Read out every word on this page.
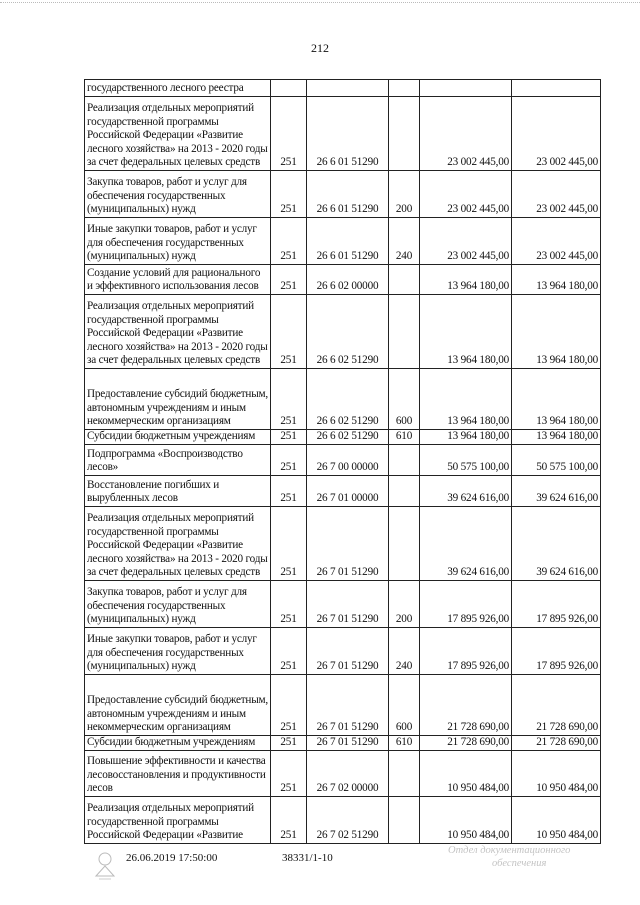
212
государственного лесного реестра					
Реализация отдельных мероприятий государственной программы Российской Федерации «Развитие лесного хозяйства» на 2013 - 2020 годы за счет федеральных целевых средств	251	26 6 01 51290		23 002 445,00	23 002 445,00
Закупка товаров, работ и услуг для обеспечения государственных (муниципальных) нужд	251	26 6 01 51290	200	23 002 445,00	23 002 445,00
Иные закупки товаров, работ и услуг для обеспечения государственных (муниципальных) нужд	251	26 6 01 51290	240	23 002 445,00	23 002 445,00
Создание условий для рационального и эффективного использования лесов	251	26 6 02 00000		13 964 180,00	13 964 180,00
Реализация отдельных мероприятий государственной программы Российской Федерации «Развитие лесного хозяйства» на 2013 - 2020 годы за счет федеральных целевых средств	251	26 6 02 51290		13 964 180,00	13 964 180,00
Предоставление субсидий бюджетным, автономным учреждениям и иным некоммерческим организациям	251	26 6 02 51290	600	13 964 180,00	13 964 180,00
Субсидии бюджетным учреждениям	251	26 6 02 51290	610	13 964 180,00	13 964 180,00
Подпрограмма «Воспроизводство лесов»	251	26 7 00 00000		50 575 100,00	50 575 100,00
Восстановление погибших и вырубленных лесов	251	26 7 01 00000		39 624 616,00	39 624 616,00
Реализация отдельных мероприятий государственной программы Российской Федерации «Развитие лесного хозяйства» на 2013 - 2020 годы за счет федеральных целевых средств	251	26 7 01 51290		39 624 616,00	39 624 616,00
Закупка товаров, работ и услуг для обеспечения государственных (муниципальных) нужд	251	26 7 01 51290	200	17 895 926,00	17 895 926,00
Иные закупки товаров, работ и услуг для обеспечения государственных (муниципальных) нужд	251	26 7 01 51290	240	17 895 926,00	17 895 926,00
Предоставление субсидий бюджетным, автономным учреждениям и иным некоммерческим организациям	251	26 7 01 51290	600	21 728 690,00	21 728 690,00
Субсидии бюджетным учреждениям	251	26 7 01 51290	610	21 728 690,00	21 728 690,00
Повышение эффективности и качества лесовосстановления и продуктивности лесов	251	26 7 02 00000		10 950 484,00	10 950 484,00
Реализация отдельных мероприятий государственной программы Российской Федерации «Развитие	251	26 7 02 51290		10 950 484,00	10 950 484,00
26.06.2019 17:50:00	38331/1-10
Отдел документационного
обеспечения
